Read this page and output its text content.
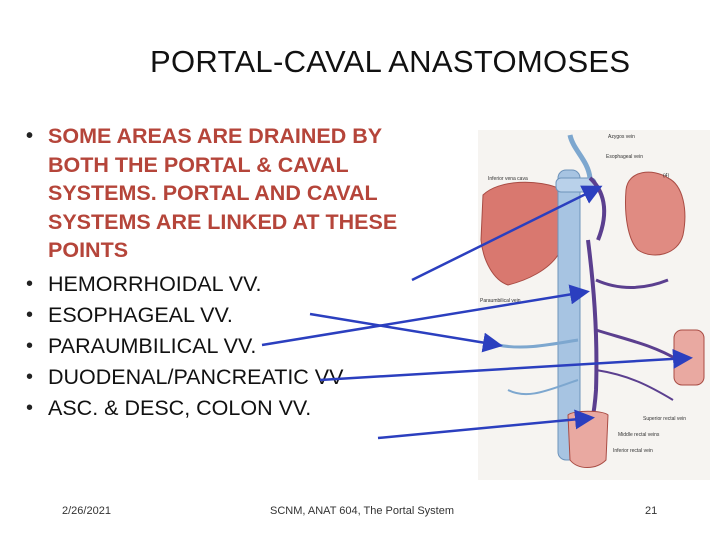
PORTAL-CAVAL ANASTOMOSES
• SOME AREAS ARE DRAINED BY BOTH THE PORTAL & CAVAL SYSTEMS. PORTAL AND CAVAL SYSTEMS ARE LINKED AT THESE POINTS
• HEMORRHOIDAL VV.
• ESOPHAGEAL VV.
• PARAUMBILICAL VV.
• DUODENAL/PANCREATIC VV
• ASC. & DESC, COLON VV.
Azygos vein
Esophageal vein
Inferior vena cava	(4)
Paraumbilical vein
Superior rectal vein
Middle rectal veins
Inferior rectal vein
2/26/2021	SCNM, ANAT 604, The Portal System	21
